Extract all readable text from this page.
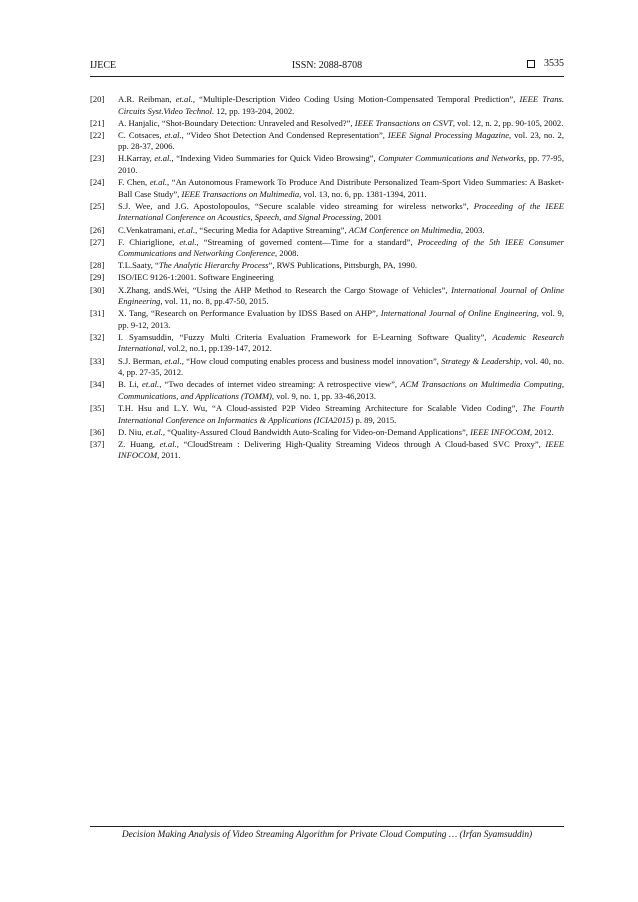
IJECE	ISSN: 2088-8708	3535
[20]	A.R. Reibman, et.al., “Multiple-Description Video Coding Using Motion-Compensated Temporal Prediction”, IEEE Trans. Circuits Syst.Video Technol. 12, pp. 193-204, 2002.
[21]	A. Hanjalic, “Shot-Boundary Detection: Unraveled and Resolved?”, IEEE Transactions on CSVT, vol. 12, n. 2, pp. 90-105, 2002.
[22]	C. Cotsaces, et.al., “Video Shot Detection And Condensed Representation”, IEEE Signal Processing Magazine, vol. 23, no. 2, pp. 28-37, 2006.
[23]	H.Karray, et.al., “Indexing Video Summaries for Quick Video Browsing”, Computer Communications and Networks, pp. 77-95, 2010.
[24]	F. Chen, et.al., “An Autonomous Framework To Produce And Distribute Personalized Team-Sport Video Summaries: A Basket-Ball Case Study”, IEEE Transactions on Multimedia, vol. 13, no. 6, pp. 1381-1394, 2011.
[25]	S.J. Wee, and J.G. Apostolopoulos, “Secure scalable video streaming for wireless networks”, Proceeding of the IEEE International Conference on Acoustics, Speech, and Signal Processing, 2001
[26]	C.Venkatramani, et.al., “Securing Media for Adaptive Streaming”, ACM Conference on Multimedia, 2003.
[27]	F. Chiariglione, et.al., “Streaming of governed content—Time for a standard”, Proceeding of the 5th IEEE Consumer Communications and Networking Conference, 2008.
[28]	T.L.Saaty, “The Analytic Hierarchy Process”, RWS Publications, Pittsburgh, PA, 1990.
[29]	ISO/IEC 9126-1:2001. Software Engineering
[30]	X.Zhang, andS.Wei, “Using the AHP Method to Research the Cargo Stowage of Vehicles”, International Journal of Online Engineering, vol. 11, no. 8, pp.47-50, 2015.
[31]	X. Tang, “Research on Performance Evaluation by IDSS Based on AHP”, International Journal of Online Engineering, vol. 9, pp. 9-12, 2013.
[32]	I. Syamsuddin, “Fuzzy Multi Criteria Evaluation Framework for E-Learning Software Quality”, Academic Research International, vol.2, no.1, pp.139-147, 2012.
[33]	S.J. Berman, et.al., “How cloud computing enables process and business model innovation”, Strategy & Leadership, vol. 40, no. 4, pp. 27-35, 2012.
[34]	B. Li, et.al., “Two decades of internet video streaming: A retrospective view”, ACM Transactions on Multimedia Computing, Communications, and Applications (TOMM), vol. 9, no. 1, pp. 33-46,2013.
[35]	T.H. Hsu and L.Y. Wu, “A Cloud-assisted P2P Video Streaming Architecture for Scalable Video Coding”, The Fourth International Conference on Informatics & Applications (ICIA2015) p. 89, 2015.
[36]	D. Niu, et.al., “Quality-Assured Cloud Bandwidth Auto-Scaling for Video-on-Demand Applications”, IEEE INFOCOM, 2012.
[37]	Z. Huang, et.al., “CloudStream : Delivering High-Quality Streaming Videos through A Cloud-based SVC Proxy”, IEEE INFOCOM, 2011.
Decision Making Analysis of Video Streaming Algorithm for Private Cloud Computing … (Irfan Syamsuddin)
